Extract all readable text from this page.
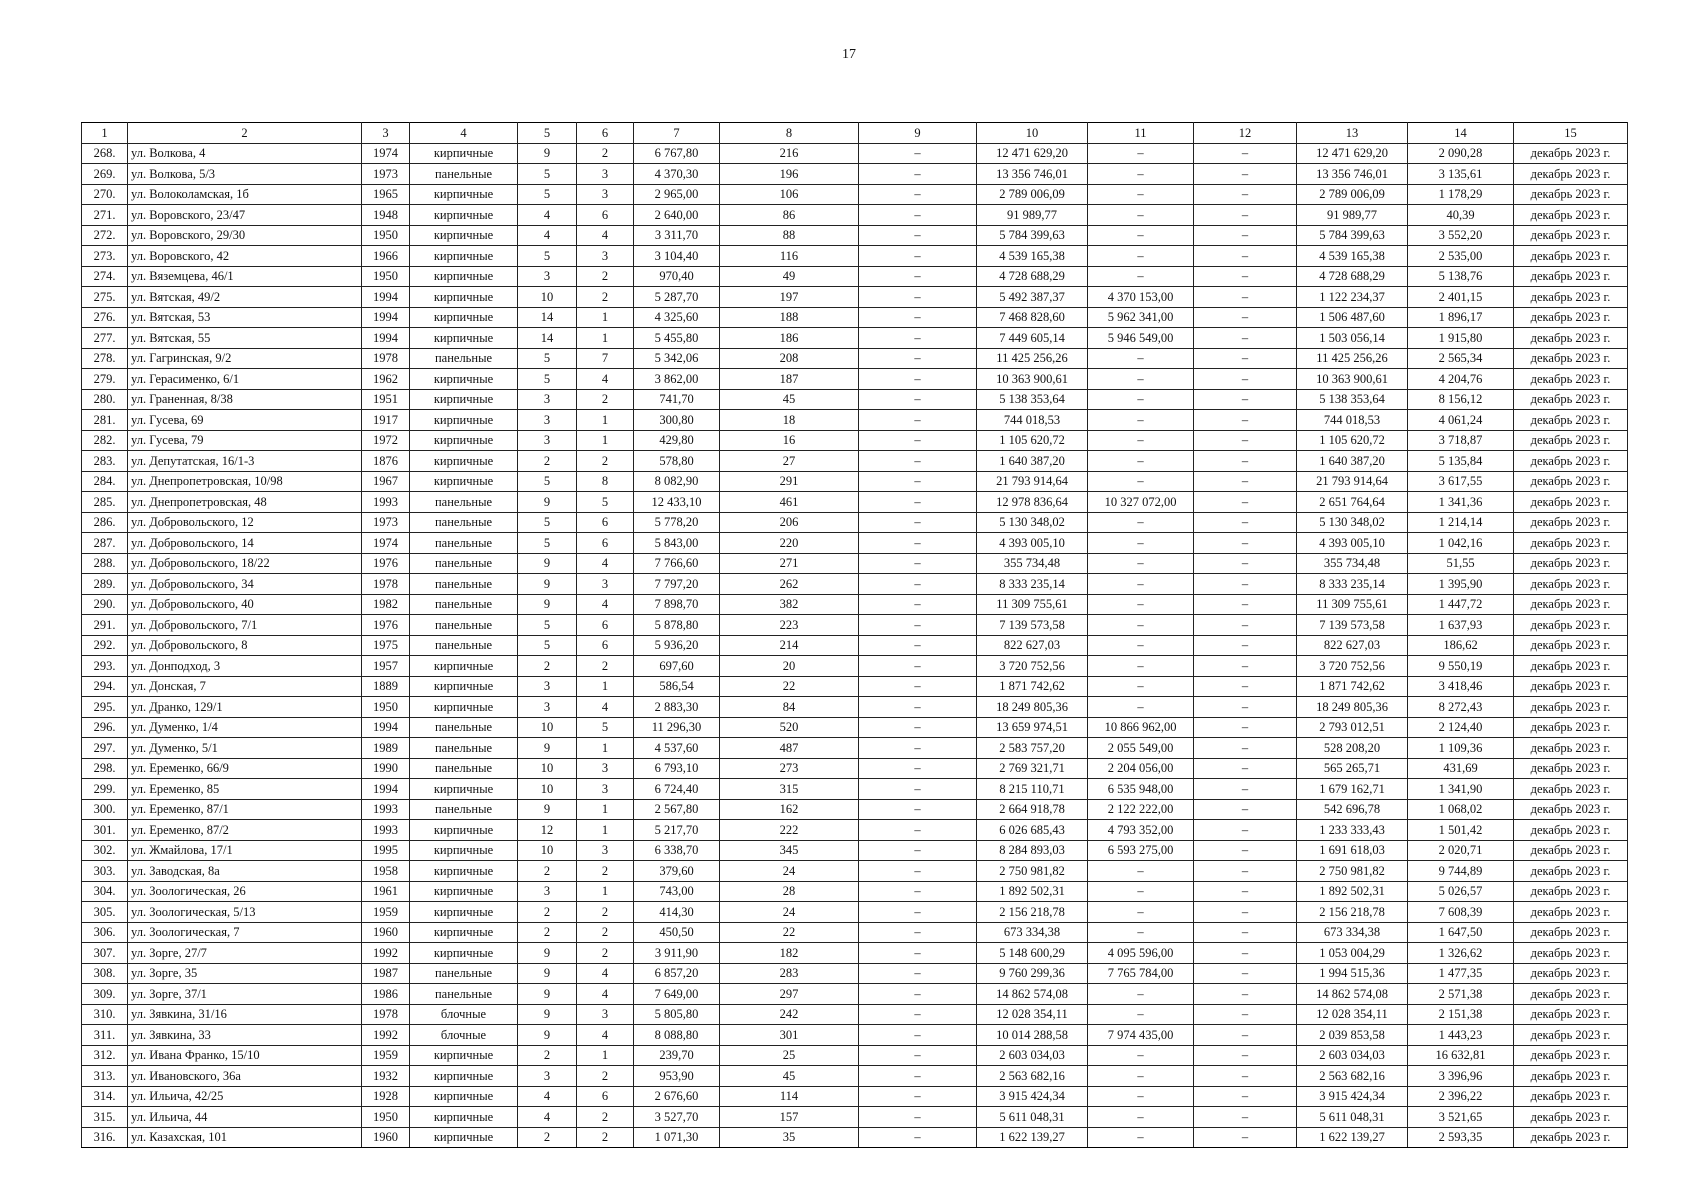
17
1	2	3	4	5	6	7	8	9	10	11	12	13	14	15
268.	ул. Волкова, 4	1974	кирпичные	9	2	6 767,80	216	–	12 471 629,20	–	–	12 471 629,20	2 090,28	декабрь 2023 г.
269.	ул. Волкова, 5/3	1973	панельные	5	3	4 370,30	196	–	13 356 746,01	–	–	13 356 746,01	3 135,61	декабрь 2023 г.
270.	ул. Волоколамская, 1б	1965	кирпичные	5	3	2 965,00	106	–	2 789 006,09	–	–	2 789 006,09	1 178,29	декабрь 2023 г.
271.	ул. Воровского, 23/47	1948	кирпичные	4	6	2 640,00	86	–	91 989,77	–	–	91 989,77	40,39	декабрь 2023 г.
272.	ул. Воровского, 29/30	1950	кирпичные	4	4	3 311,70	88	–	5 784 399,63	–	–	5 784 399,63	3 552,20	декабрь 2023 г.
273.	ул. Воровского, 42	1966	кирпичные	5	3	3 104,40	116	–	4 539 165,38	–	–	4 539 165,38	2 535,00	декабрь 2023 г.
274.	ул. Вяземцева, 46/1	1950	кирпичные	3	2	970,40	49	–	4 728 688,29	–	–	4 728 688,29	5 138,76	декабрь 2023 г.
275.	ул. Вятская, 49/2	1994	кирпичные	10	2	5 287,70	197	–	5 492 387,37	4 370 153,00	–	1 122 234,37	2 401,15	декабрь 2023 г.
276.	ул. Вятская, 53	1994	кирпичные	14	1	4 325,60	188	–	7 468 828,60	5 962 341,00	–	1 506 487,60	1 896,17	декабрь 2023 г.
277.	ул. Вятская, 55	1994	кирпичные	14	1	5 455,80	186	–	7 449 605,14	5 946 549,00	–	1 503 056,14	1 915,80	декабрь 2023 г.
278.	ул. Гагринская, 9/2	1978	панельные	5	7	5 342,06	208	–	11 425 256,26	–	–	11 425 256,26	2 565,34	декабрь 2023 г.
279.	ул. Герасименко, 6/1	1962	кирпичные	5	4	3 862,00	187	–	10 363 900,61	–	–	10 363 900,61	4 204,76	декабрь 2023 г.
280.	ул. Граненная, 8/38	1951	кирпичные	3	2	741,70	45	–	5 138 353,64	–	–	5 138 353,64	8 156,12	декабрь 2023 г.
281.	ул. Гусева, 69	1917	кирпичные	3	1	300,80	18	–	744 018,53	–	–	744 018,53	4 061,24	декабрь 2023 г.
282.	ул. Гусева, 79	1972	кирпичные	3	1	429,80	16	–	1 105 620,72	–	–	1 105 620,72	3 718,87	декабрь 2023 г.
283.	ул. Депутатская, 16/1-3	1876	кирпичные	2	2	578,80	27	–	1 640 387,20	–	–	1 640 387,20	5 135,84	декабрь 2023 г.
284.	ул. Днепропетровская, 10/98	1967	кирпичные	5	8	8 082,90	291	–	21 793 914,64	–	–	21 793 914,64	3 617,55	декабрь 2023 г.
285.	ул. Днепропетровская, 48	1993	панельные	9	5	12 433,10	461	–	12 978 836,64	10 327 072,00	–	2 651 764,64	1 341,36	декабрь 2023 г.
286.	ул. Добровольского, 12	1973	панельные	5	6	5 778,20	206	–	5 130 348,02	–	–	5 130 348,02	1 214,14	декабрь 2023 г.
287.	ул. Добровольского, 14	1974	панельные	5	6	5 843,00	220	–	4 393 005,10	–	–	4 393 005,10	1 042,16	декабрь 2023 г.
288.	ул. Добровольского, 18/22	1976	панельные	9	4	7 766,60	271	–	355 734,48	–	–	355 734,48	51,55	декабрь 2023 г.
289.	ул. Добровольского, 34	1978	панельные	9	3	7 797,20	262	–	8 333 235,14	–	–	8 333 235,14	1 395,90	декабрь 2023 г.
290.	ул. Добровольского, 40	1982	панельные	9	4	7 898,70	382	–	11 309 755,61	–	–	11 309 755,61	1 447,72	декабрь 2023 г.
291.	ул. Добровольского, 7/1	1976	панельные	5	6	5 878,80	223	–	7 139 573,58	–	–	7 139 573,58	1 637,93	декабрь 2023 г.
292.	ул. Добровольского, 8	1975	панельные	5	6	5 936,20	214	–	822 627,03	–	–	822 627,03	186,62	декабрь 2023 г.
293.	ул. Донподход, 3	1957	кирпичные	2	2	697,60	20	–	3 720 752,56	–	–	3 720 752,56	9 550,19	декабрь 2023 г.
294.	ул. Донская, 7	1889	кирпичные	3	1	586,54	22	–	1 871 742,62	–	–	1 871 742,62	3 418,46	декабрь 2023 г.
295.	ул. Дранко, 129/1	1950	кирпичные	3	4	2 883,30	84	–	18 249 805,36	–	–	18 249 805,36	8 272,43	декабрь 2023 г.
296.	ул. Думенко, 1/4	1994	панельные	10	5	11 296,30	520	–	13 659 974,51	10 866 962,00	–	2 793 012,51	2 124,40	декабрь 2023 г.
297.	ул. Думенко, 5/1	1989	панельные	9	1	4 537,60	487	–	2 583 757,20	2 055 549,00	–	528 208,20	1 109,36	декабрь 2023 г.
298.	ул. Еременко, 66/9	1990	панельные	10	3	6 793,10	273	–	2 769 321,71	2 204 056,00	–	565 265,71	431,69	декабрь 2023 г.
299.	ул. Еременко, 85	1994	кирпичные	10	3	6 724,40	315	–	8 215 110,71	6 535 948,00	–	1 679 162,71	1 341,90	декабрь 2023 г.
300.	ул. Еременко, 87/1	1993	панельные	9	1	2 567,80	162	–	2 664 918,78	2 122 222,00	–	542 696,78	1 068,02	декабрь 2023 г.
301.	ул. Еременко, 87/2	1993	кирпичные	12	1	5 217,70	222	–	6 026 685,43	4 793 352,00	–	1 233 333,43	1 501,42	декабрь 2023 г.
302.	ул. Жмайлова, 17/1	1995	кирпичные	10	3	6 338,70	345	–	8 284 893,03	6 593 275,00	–	1 691 618,03	2 020,71	декабрь 2023 г.
303.	ул. Заводская, 8а	1958	кирпичные	2	2	379,60	24	–	2 750 981,82	–	–	2 750 981,82	9 744,89	декабрь 2023 г.
304.	ул. Зоологическая, 26	1961	кирпичные	3	1	743,00	28	–	1 892 502,31	–	–	1 892 502,31	5 026,57	декабрь 2023 г.
305.	ул. Зоологическая, 5/13	1959	кирпичные	2	2	414,30	24	–	2 156 218,78	–	–	2 156 218,78	7 608,39	декабрь 2023 г.
306.	ул. Зоологическая, 7	1960	кирпичные	2	2	450,50	22	–	673 334,38	–	–	673 334,38	1 647,50	декабрь 2023 г.
307.	ул. Зорге, 27/7	1992	кирпичные	9	2	3 911,90	182	–	5 148 600,29	4 095 596,00	–	1 053 004,29	1 326,62	декабрь 2023 г.
308.	ул. Зорге, 35	1987	панельные	9	4	6 857,20	283	–	9 760 299,36	7 765 784,00	–	1 994 515,36	1 477,35	декабрь 2023 г.
309.	ул. Зорге, 37/1	1986	панельные	9	4	7 649,00	297	–	14 862 574,08	–	–	14 862 574,08	2 571,38	декабрь 2023 г.
310.	ул. Зявкина, 31/16	1978	блочные	9	3	5 805,80	242	–	12 028 354,11	–	–	12 028 354,11	2 151,38	декабрь 2023 г.
311.	ул. Зявкина, 33	1992	блочные	9	4	8 088,80	301	–	10 014 288,58	7 974 435,00	–	2 039 853,58	1 443,23	декабрь 2023 г.
312.	ул. Ивана Франко, 15/10	1959	кирпичные	2	1	239,70	25	–	2 603 034,03	–	–	2 603 034,03	16 632,81	декабрь 2023 г.
313.	ул. Ивановского, 36а	1932	кирпичные	3	2	953,90	45	–	2 563 682,16	–	–	2 563 682,16	3 396,96	декабрь 2023 г.
314.	ул. Ильича, 42/25	1928	кирпичные	4	6	2 676,60	114	–	3 915 424,34	–	–	3 915 424,34	2 396,22	декабрь 2023 г.
315.	ул. Ильича, 44	1950	кирпичные	4	2	3 527,70	157	–	5 611 048,31	–	–	5 611 048,31	3 521,65	декабрь 2023 г.
316.	ул. Казахская, 101	1960	кирпичные	2	2	1 071,30	35	–	1 622 139,27	–	–	1 622 139,27	2 593,35	декабрь 2023 г.
